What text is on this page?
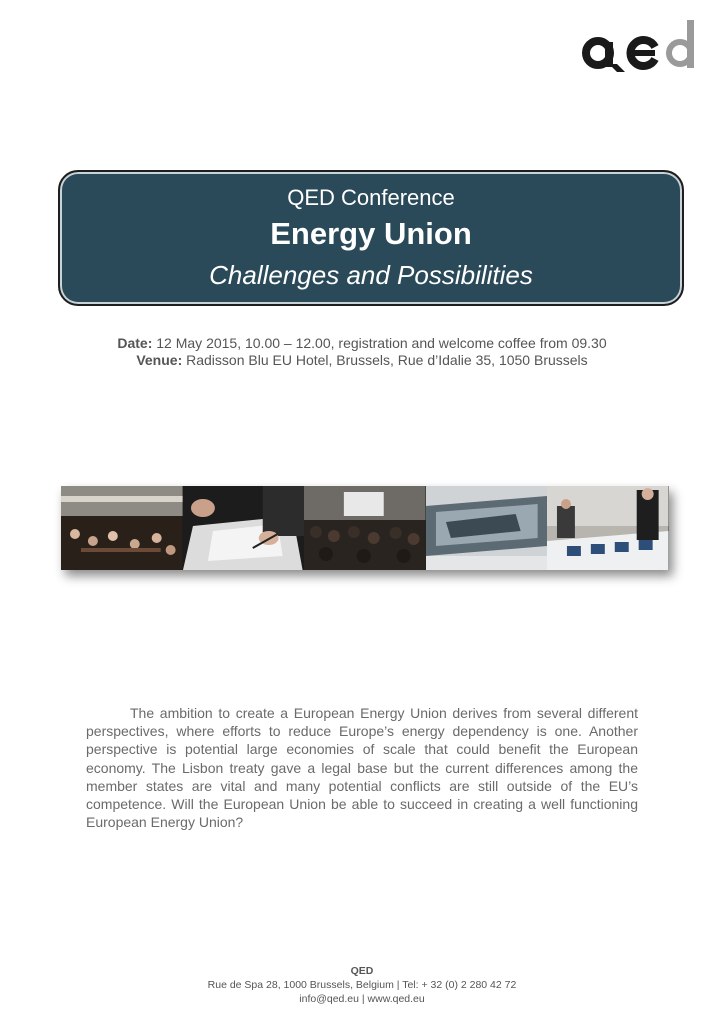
QED Conference
Energy Union
Challenges and Possibilities
Date: 12 May 2015, 10.00 – 12.00, registration and welcome coffee from 09.30
Venue: Radisson Blu EU Hotel, Brussels, Rue d’Idalie 35, 1050 Brussels

The ambition to create a European Energy Union derives from several different perspectives, where efforts to reduce Europe’s energy dependency is one. Another perspective is potential large economies of scale that could benefit the European economy. The Lisbon treaty gave a legal base but the current differences among the member states are vital and many potential conflicts are still outside of the EU’s competence. Will the European Union be able to succeed in creating a well functioning European Energy Union?

QED
Rue de Spa 28, 1000 Brussels, Belgium | Tel: + 32 (0) 2 280 42 72
info@qed.eu | www.qed.eu
